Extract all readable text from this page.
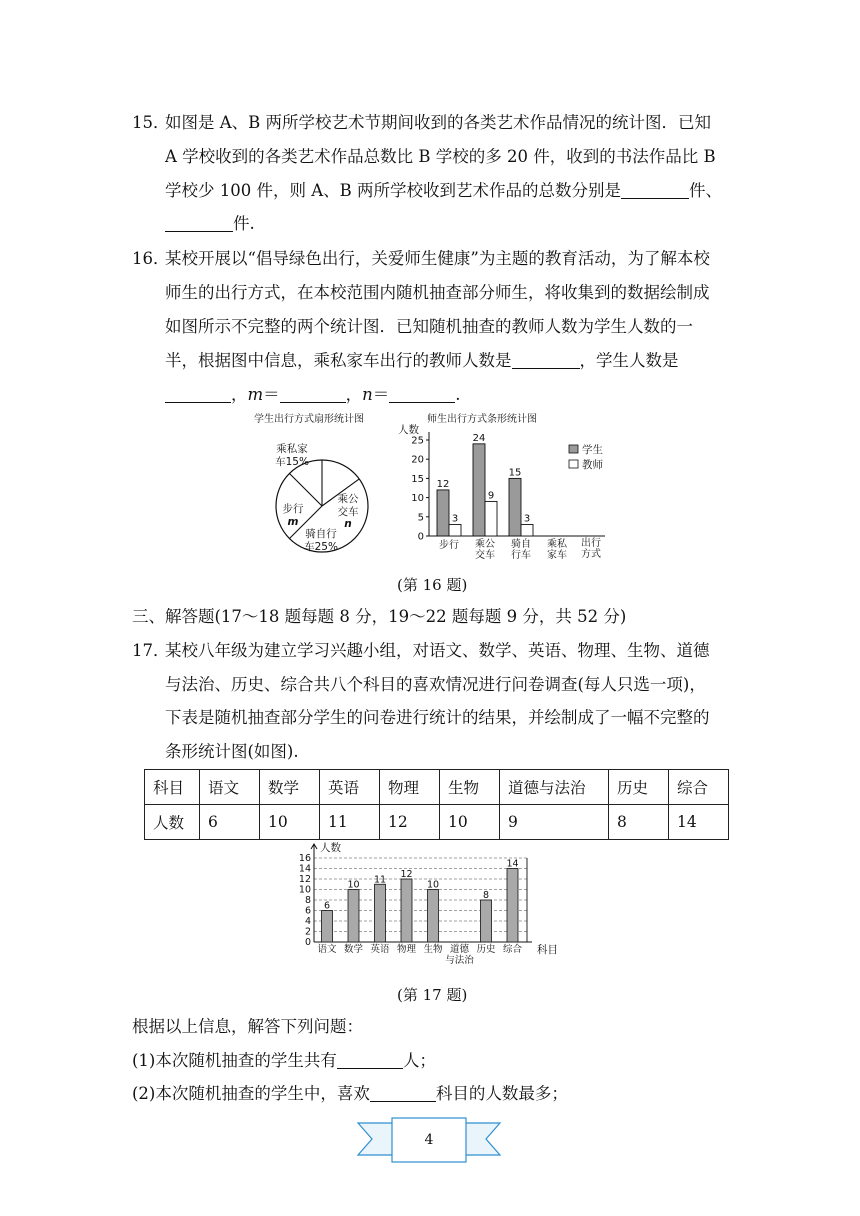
15．
如图是 A、B 两所学校艺术节期间收到的各类艺术作品情况的统计图．已知
A 学校收到的各类艺术作品总数比 B 学校的多 20 件，收到的书法作品比 B
学校少 100 件，则 A、B 两所学校收到艺术作品的总数分别是	件、
件.
16．
某校开展以“倡导绿色出行，关爱师生健康”为主题的教育活动，为了解本校
师生的出行方式，在本校范围内随机抽查部分师生，将收集到的数据绘制成
如图所示不完整的两个统计图．已知随机抽查的教师人数为学生人数的一
半，根据图中信息，乘私家车出行的教师人数是	，学生人数是
，m＝	，n＝	.
学生出行方式扇形统计图
乘私家
车15%
乘公
交车
n
步行
m
骑自行
车25%
师生出行方式条形统计图
人数
0
5
10
15
20
25
12
3
步行
24
9
乘公
交车
15
3
骑自
行车
乘私
家车
学生
教师
出行
方式
(第 16 题)
三、解答题(17～18 题每题 8 分，19～22 题每题 9 分，共 52 分)
17．
某校八年级为建立学习兴趣小组，对语文、数学、英语、物理、生物、道德
与法治、历史、综合共八个科目的喜欢情况进行问卷调查(每人只选一项)，
下表是随机抽查部分学生的问卷进行统计的结果，并绘制成了一幅不完整的
条形统计图(如图).
科目	语文	数学	英语	物理	生物	道德与法治	历史	综合
人数	6	10	11	12	10	9	8	14
人数
0
2
4
6
8
10
12
14
16
6
语文
10
数学
11
英语
12
物理
10
生物 道德
与法治
8
历史
14
综合 科目
(第 17 题)
根据以上信息，解答下列问题：
(1)本次随机抽查的学生共有	人；
(2)本次随机抽查的学生中，喜欢	科目的人数最多；
4
